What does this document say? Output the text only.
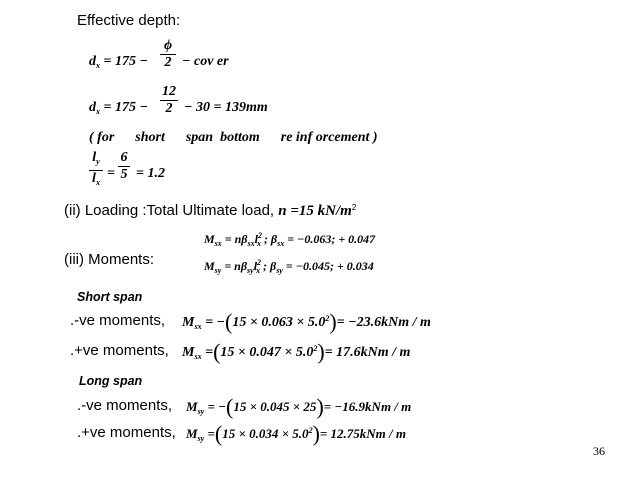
Effective depth:
$d_x = 175$ −
ϕ
2 − cov er
$d_x = 175$ −
12
2 − 30 = 139mm
( for      short      span  bottom      re inf orcement )
$l_y$
$l_x$
=
6
5 = 1.2
(ii) Loading :Total Ultimate load, n =15 $kN/m^2$
$M_{sx} = n\beta_{sx}l^2_x$ ; $\beta_{sx} = -0.063$; + 0.047
(iii) Moments:	$M_{sy} = n\beta_{sy}l^2_x$ ; $\beta_{sy} = -0.045$; + 0.034
Short span
.-ve moments, $M_{sx} = -(15 \times 0.063 \times 5.0^2)= -23.6kNm / m$
.+ve moments, $M_{sx} =(15 \times 0.047 \times 5.0^2)= 17.6kNm / m$
Long span
.-ve moments, $M_{sy} = -(15 \times 0.045 \times 25)= -16.9kNm / m$
.+ve moments, $M_{sy} =(15 \times 0.034 \times 5.0^2)= 12.75kNm / m$
36
